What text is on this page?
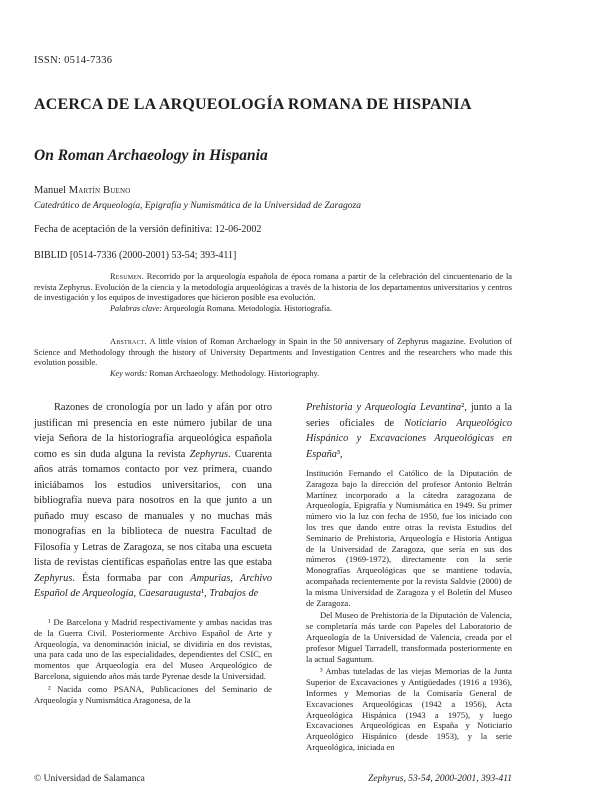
ISSN: 0514-7336
ACERCA DE LA ARQUEOLOGÍA ROMANA DE HISPANIA
On Roman Archaeology in Hispania
Manuel Martín Bueno
Catedrático de Arqueología, Epigrafía y Numismática de la Universidad de Zaragoza
Fecha de aceptación de la versión definitiva: 12-06-2002
BIBLID [0514-7336 (2000-2001) 53-54; 393-411]

Resumen. Recorrido por la arqueología española de época romana a partir de la celebración del cincuentenario de la revista Zephyrus. Evolución de la ciencia y la metodología arqueológicas a través de la historia de los departamentos universitarios y centros de investigación y los equipos de investigadores que hicieron posible esa evolución.

Palabras clave: Arqueología Romana. Metodología. Historiografía.

Abstract. A little vision of Roman Archaelogy in Spain in the 50 anniversary of Zephyrus magazine. Evolution of Science and Methodology through the history of University Departments and Investigation Centres and the researchers who made this evolution possible.

Key words: Roman Archaeology. Methodology. Historiography.

Razones de cronología por un lado y afán por otro justifican mi presencia en este número jubilar de una vieja Señora de la historiografía arqueológica española como es sin duda alguna la revista Zephyrus. Cuarenta años atrás tomamos contacto por vez primera, cuando iniciábamos los estudios universitarios, con una bibliografía nueva para nosotros en la que junto a un puñado muy escaso de manuales y no muchas más monografías en la biblioteca de nuestra Facultad de Filosofía y Letras de Zaragoza, se nos citaba una escueta lista de revistas científicas españolas entre las que estaba Zephyrus. Ésta formaba par con Ampurias, Archivo Español de Arqueología, Caesaraugusta¹, Trabajos de

¹ De Barcelona y Madrid respectivamente y ambas nacidas tras de la Guerra Civil. Posteriormente Archivo Español de Arte y Arqueología, va denominación inicial, se dividiría en dos revistas, una para cada uno de las especialidades, dependientes del CSIC, en momentos que Arqueología era del Museo Arqueológico de Barcelona, siguiendo años más tarde Pyrenae desde la Universidad.

² Nacida como PSANA, Publicaciones del Seminario de Arqueología y Numismática Aragonesa, de la

Prehistoria y Arqueología Levantina², junto a la series oficiales de Noticiario Arqueológico Hispánico y Excavaciones Arqueológicas en España³,

Institución Fernando el Católico de la Diputación de Zaragoza bajo la dirección del profesor Antonio Beltrán Martínez incorporado a la cátedra zaragozana de Arqueología, Epigrafía y Numismática en 1949. Su primer número vio la luz con fecha de 1950, fue los iniciado con los tres que dando entre otras la revista Estudios del Seminario de Prehistoria, Arqueología e Historia Antigua de la Universidad de Zaragoza, que sería en sus dos números (1969-1972), directamente con la serie Monografías Arqueológicas que se mantiene todavía, acompañada recientemente por la revista Saldvie (2000) de la misma Universidad de Zaragoza y el Boletín del Museo de Zaragoza.

Del Museo de Prehistoria de la Diputación de Valencia, se completaría más tarde con Papeles del Laboratorio de Arqueología de la Universidad de Valencia, creada por el profesor Miguel Tarradell, transformada posteriormente en la actual Saguntum.

³ Ambas tuteladas de las viejas Memorias de la Junta Superior de Excavaciones y Antigüedades (1916 a 1936), Informes y Memorias de la Comisaría General de Excavaciones Arqueológicas (1942 a 1956), Acta Arqueológica Hispánica (1943 a 1975), y luego Excavaciones Arqueológicas en España y Noticiario Arqueológico Hispánico (desde 1953), y la serie Arqueológica, iniciada en

© Universidad de Salamanca	Zephyrus, 53-54, 2000-2001, 393-411
